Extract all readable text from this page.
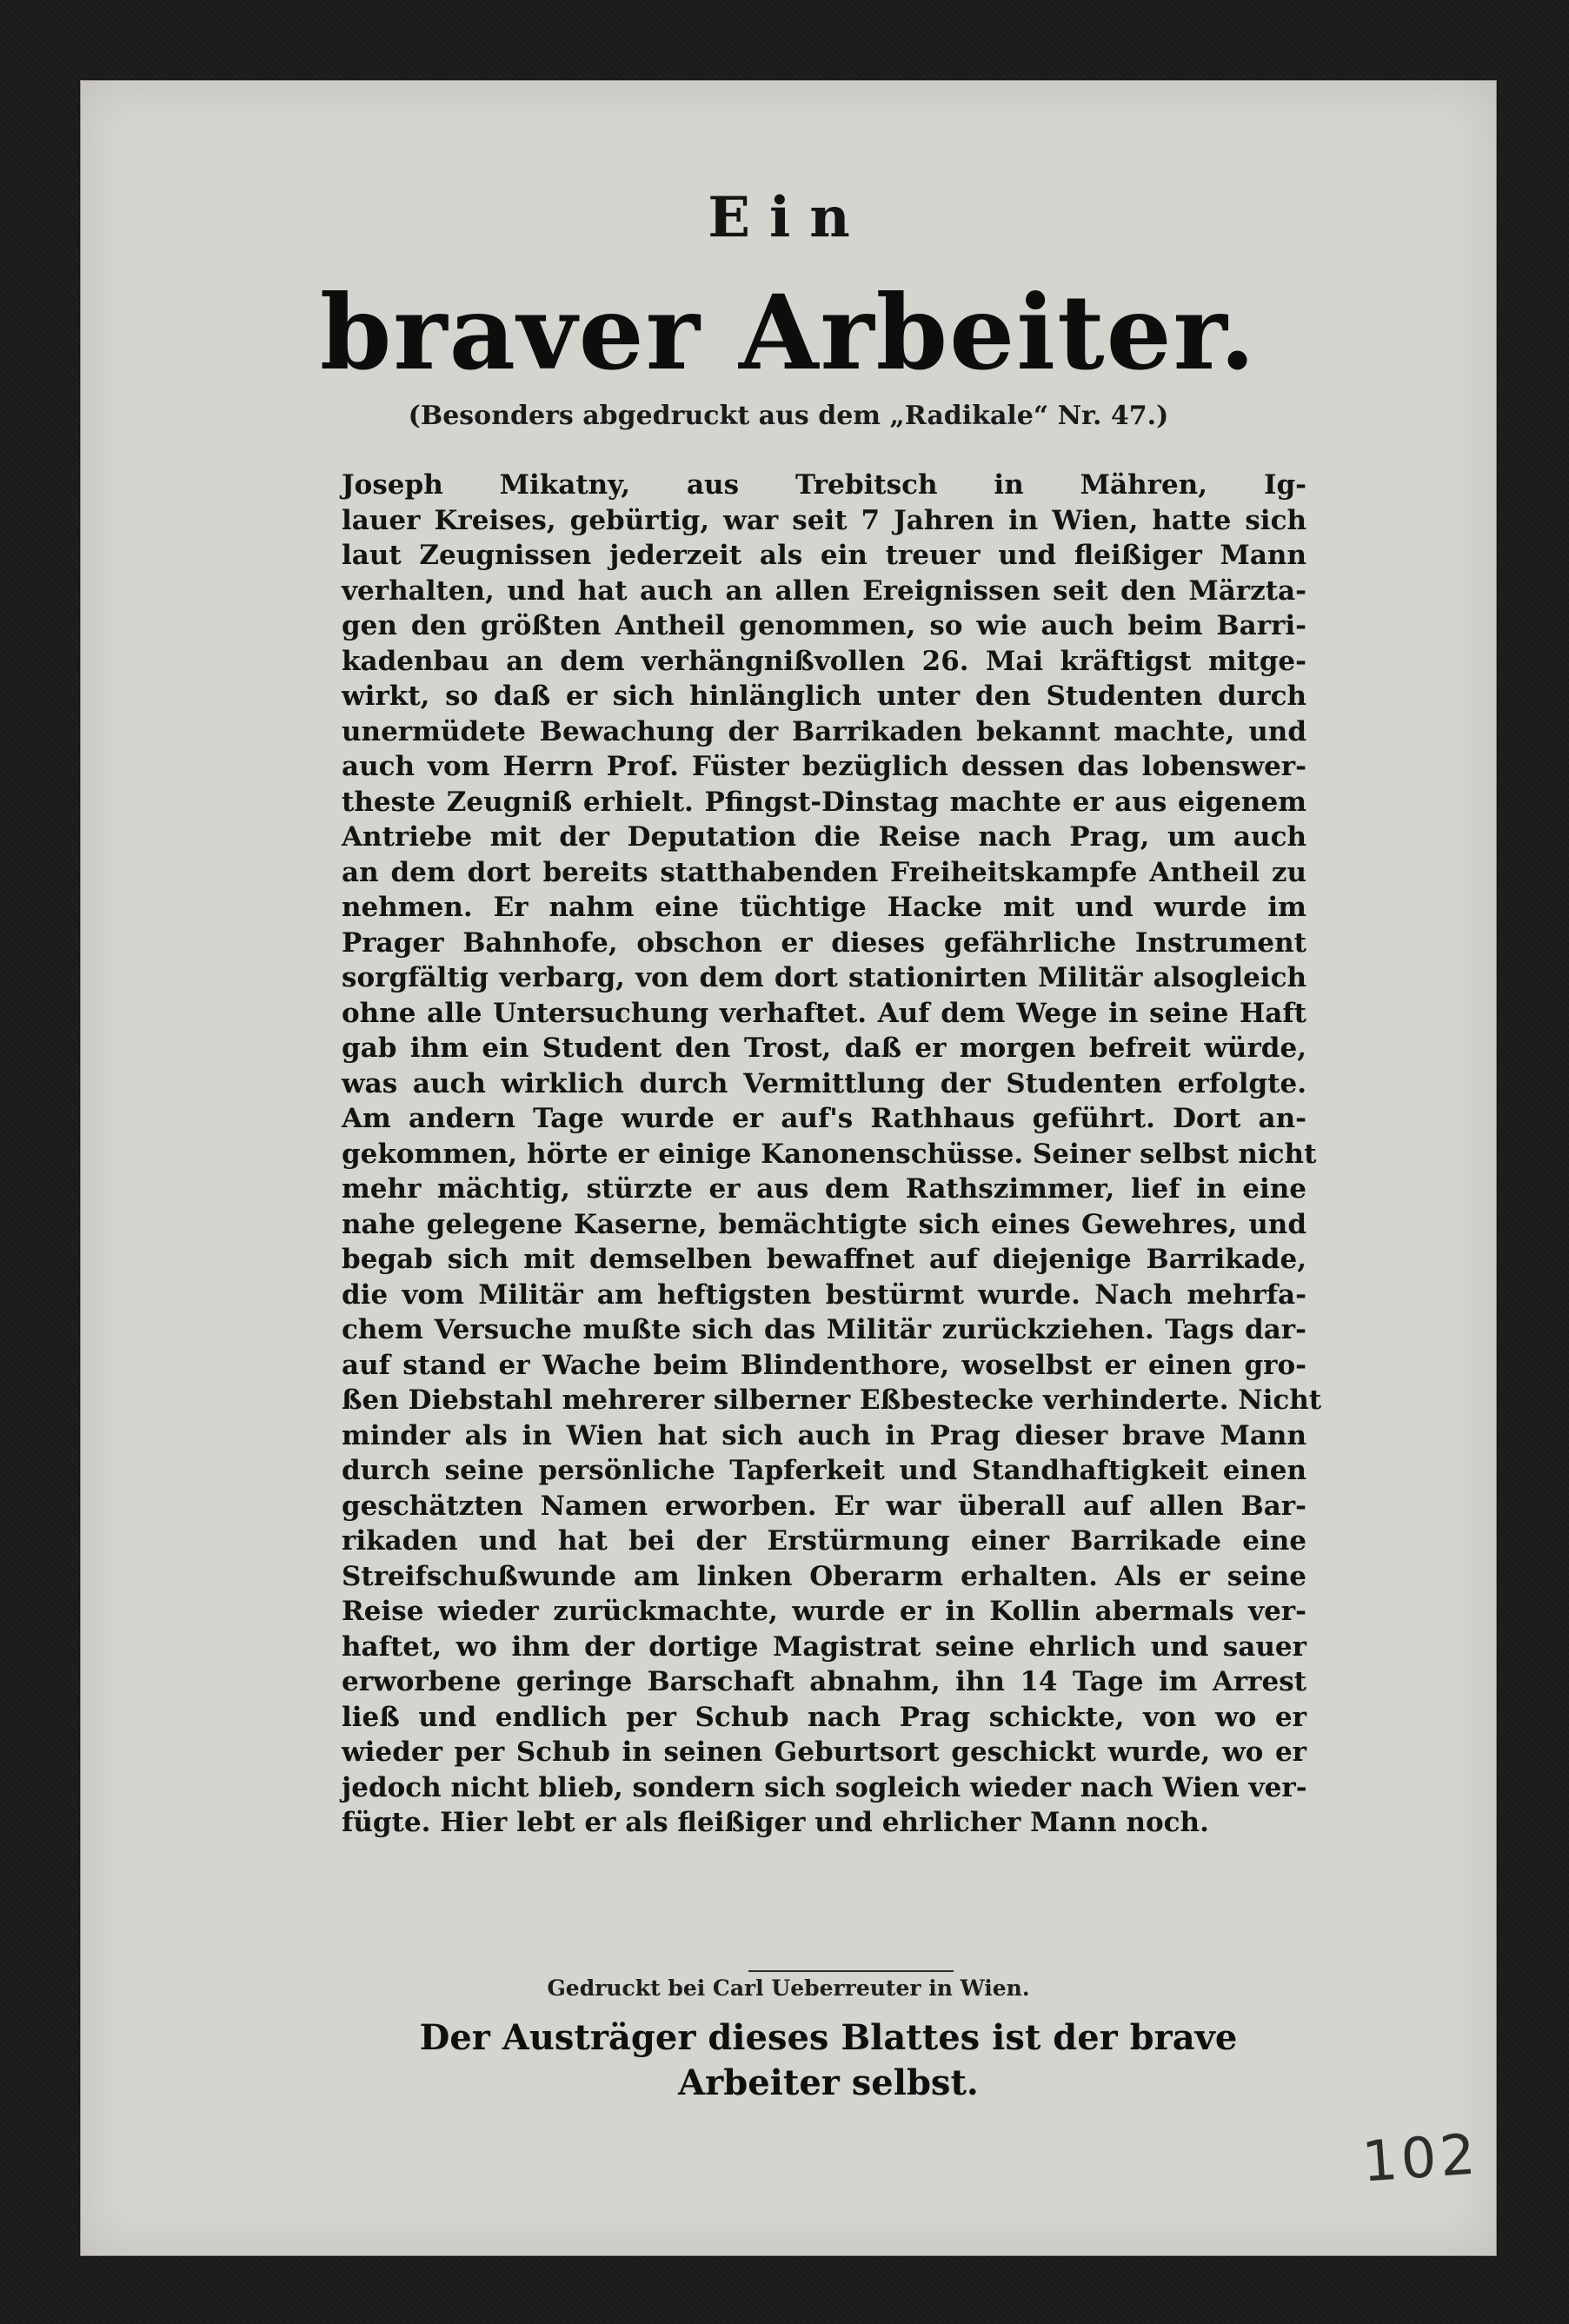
Ein
braver Arbeiter.
(Besonders abgedruckt aus dem „Radikale“ Nr. 47.)
Joseph Mikatny, aus Trebitsch in Mähren, Ig-
lauer Kreises, gebürtig, war seit 7 Jahren in Wien, hatte sich
laut Zeugnissen jederzeit als ein treuer und fleißiger Mann
verhalten, und hat auch an allen Ereignissen seit den Märzta-
gen den größten Antheil genommen, so wie auch beim Barri-
kadenbau an dem verhängnißvollen 26. Mai kräftigst mitge-
wirkt, so daß er sich hinlänglich unter den Studenten durch
unermüdete Bewachung der Barrikaden bekannt machte, und
auch vom Herrn Prof. Füster bezüglich dessen das lobenswer-
theste Zeugniß erhielt. Pfingst-Dinstag machte er aus eigenem
Antriebe mit der Deputation die Reise nach Prag, um auch
an dem dort bereits statthabenden Freiheitskampfe Antheil zu
nehmen. Er nahm eine tüchtige Hacke mit und wurde im
Prager Bahnhofe, obschon er dieses gefährliche Instrument
sorgfältig verbarg, von dem dort stationirten Militär alsogleich
ohne alle Untersuchung verhaftet. Auf dem Wege in seine Haft
gab ihm ein Student den Trost, daß er morgen befreit würde,
was auch wirklich durch Vermittlung der Studenten erfolgte.
Am andern Tage wurde er auf's Rathhaus geführt. Dort an-
gekommen, hörte er einige Kanonenschüsse. Seiner selbst nicht
mehr mächtig, stürzte er aus dem Rathszimmer, lief in eine
nahe gelegene Kaserne, bemächtigte sich eines Gewehres, und
begab sich mit demselben bewaffnet auf diejenige Barrikade,
die vom Militär am heftigsten bestürmt wurde. Nach mehrfa-
chem Versuche mußte sich das Militär zurückziehen. Tags dar-
auf stand er Wache beim Blindenthore, woselbst er einen gro-
ßen Diebstahl mehrerer silberner Eßbestecke verhinderte. Nicht
minder als in Wien hat sich auch in Prag dieser brave Mann
durch seine persönliche Tapferkeit und Standhaftigkeit einen
geschätzten Namen erworben. Er war überall auf allen Bar-
rikaden und hat bei der Erstürmung einer Barrikade eine
Streifschußwunde am linken Oberarm erhalten. Als er seine
Reise wieder zurückmachte, wurde er in Kollin abermals ver-
haftet, wo ihm der dortige Magistrat seine ehrlich und sauer
erworbene geringe Barschaft abnahm, ihn 14 Tage im Arrest
ließ und endlich per Schub nach Prag schickte, von wo er
wieder per Schub in seinen Geburtsort geschickt wurde, wo er
jedoch nicht blieb, sondern sich sogleich wieder nach Wien ver-
fügte. Hier lebt er als fleißiger und ehrlicher Mann noch.
Gedruckt bei Carl Ueberreuter in Wien.
Der Austräger dieses Blattes ist der brave Arbeiter selbst.
102
